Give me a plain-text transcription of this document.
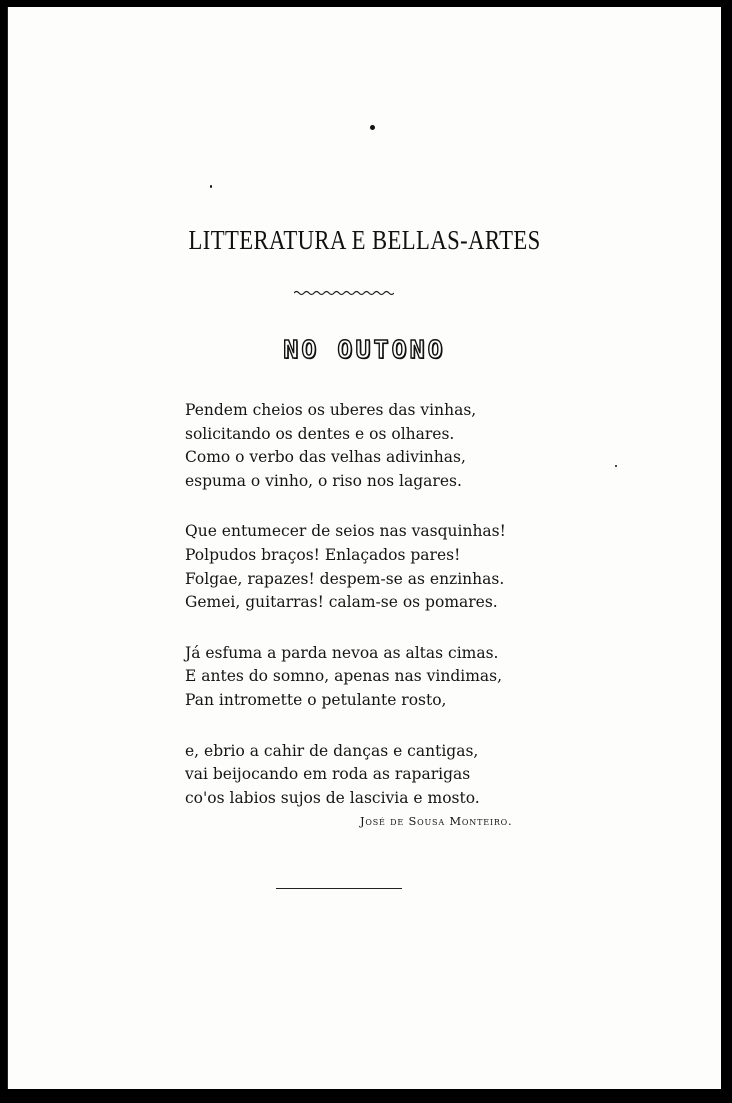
LITTERATURA E BELLAS-ARTES
NO OUTONO
Pendem cheios os uberes das vinhas,
solicitando os dentes e os olhares.
Como o verbo das velhas adivinhas,
espuma o vinho, o riso nos lagares.
Que entumecer de seios nas vasquinhas!
Polpudos braços! Enlaçados pares!
Folgae, rapazes! despem-se as enzinhas.
Gemei, guitarras! calam-se os pomares.
Já esfuma a parda nevoa as altas cimas.
E antes do somno, apenas nas vindimas,
Pan intromette o petulante rosto,
e, ebrio a cahir de danças e cantigas,
vai beijocando em roda as raparigas
co'os labios sujos de lascivia e mosto.
José de Sousa Monteiro.
